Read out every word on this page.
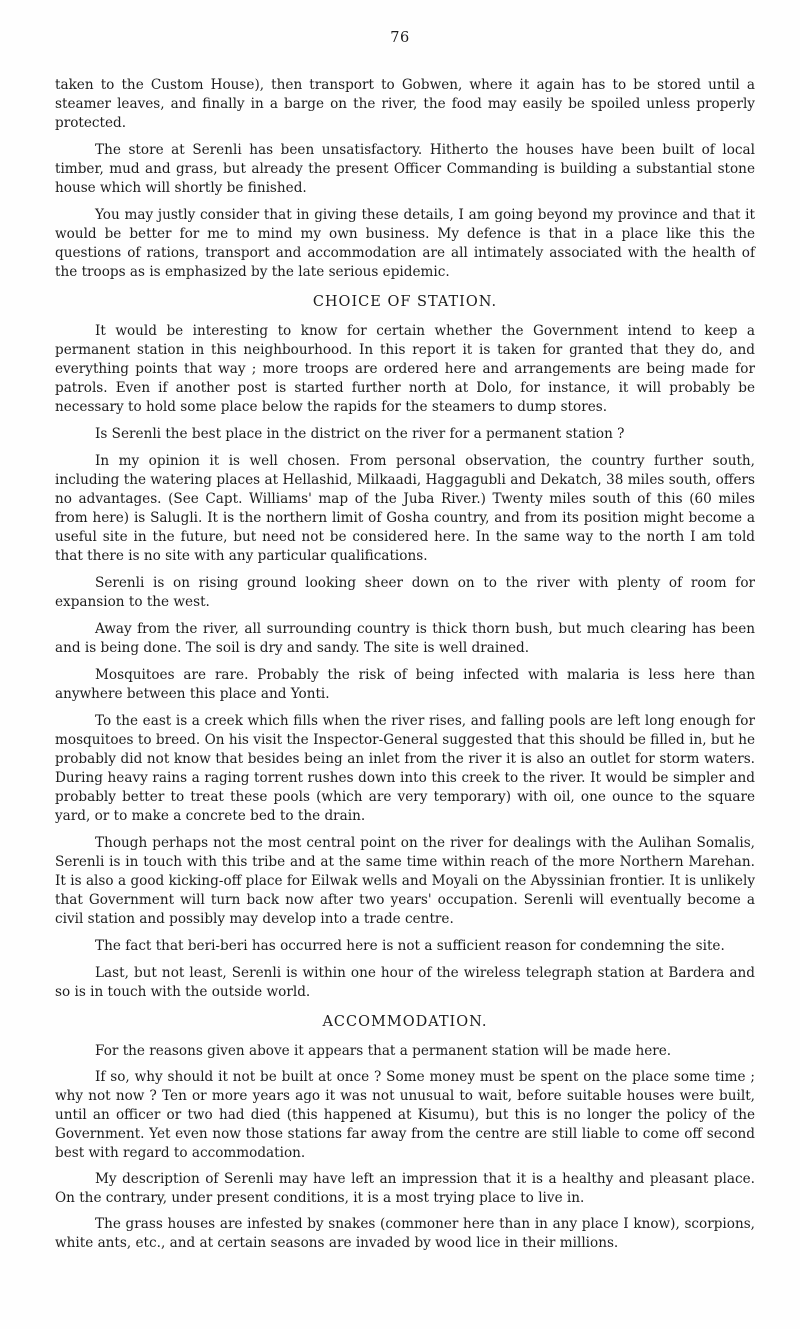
76

taken to the Custom House), then transport to Gobwen, where it again has to be stored until a steamer leaves, and finally in a barge on the river, the food may easily be spoiled unless properly protected.

The store at Serenli has been unsatisfactory. Hitherto the houses have been built of local timber, mud and grass, but already the present Officer Commanding is building a substantial stone house which will shortly be finished.

You may justly consider that in giving these details, I am going beyond my province and that it would be better for me to mind my own business. My defence is that in a place like this the questions of rations, transport and accommodation are all intimately associated with the health of the troops as is emphasized by the late serious epidemic.

CHOICE OF STATION.

It would be interesting to know for certain whether the Government intend to keep a permanent station in this neighbourhood. In this report it is taken for granted that they do, and everything points that way ; more troops are ordered here and arrangements are being made for patrols. Even if another post is started further north at Dolo, for instance, it will probably be necessary to hold some place below the rapids for the steamers to dump stores.

Is Serenli the best place in the district on the river for a permanent station ?

In my opinion it is well chosen. From personal observation, the country further south, including the watering places at Hellashid, Milkaadi, Haggagubli and Dekatch, 38 miles south, offers no advantages. (See Capt. Williams' map of the Juba River.) Twenty miles south of this (60 miles from here) is Salugli. It is the northern limit of Gosha country, and from its position might become a useful site in the future, but need not be considered here. In the same way to the north I am told that there is no site with any particular qualifications.

Serenli is on rising ground looking sheer down on to the river with plenty of room for expansion to the west.

Away from the river, all surrounding country is thick thorn bush, but much clearing has been and is being done. The soil is dry and sandy. The site is well drained.

Mosquitoes are rare. Probably the risk of being infected with malaria is less here than anywhere between this place and Yonti.

To the east is a creek which fills when the river rises, and falling pools are left long enough for mosquitoes to breed. On his visit the Inspector-General suggested that this should be filled in, but he probably did not know that besides being an inlet from the river it is also an outlet for storm waters. During heavy rains a raging torrent rushes down into this creek to the river. It would be simpler and probably better to treat these pools (which are very temporary) with oil, one ounce to the square yard, or to make a concrete bed to the drain.

Though perhaps not the most central point on the river for dealings with the Aulihan Somalis, Serenli is in touch with this tribe and at the same time within reach of the more Northern Marehan. It is also a good kicking-off place for Eilwak wells and Moyali on the Abyssinian frontier. It is unlikely that Government will turn back now after two years' occupation. Serenli will eventually become a civil station and possibly may develop into a trade centre.

The fact that beri-beri has occurred here is not a sufficient reason for condemning the site.

Last, but not least, Serenli is within one hour of the wireless telegraph station at Bardera and so is in touch with the outside world.

ACCOMMODATION.

For the reasons given above it appears that a permanent station will be made here.

If so, why should it not be built at once ? Some money must be spent on the place some time ; why not now ? Ten or more years ago it was not unusual to wait, before suitable houses were built, until an officer or two had died (this happened at Kisumu), but this is no longer the policy of the Government. Yet even now those stations far away from the centre are still liable to come off second best with regard to accommodation.

My description of Serenli may have left an impression that it is a healthy and pleasant place. On the contrary, under present conditions, it is a most trying place to live in.

The grass houses are infested by snakes (commoner here than in any place I know), scorpions, white ants, etc., and at certain seasons are invaded by wood lice in their millions.
